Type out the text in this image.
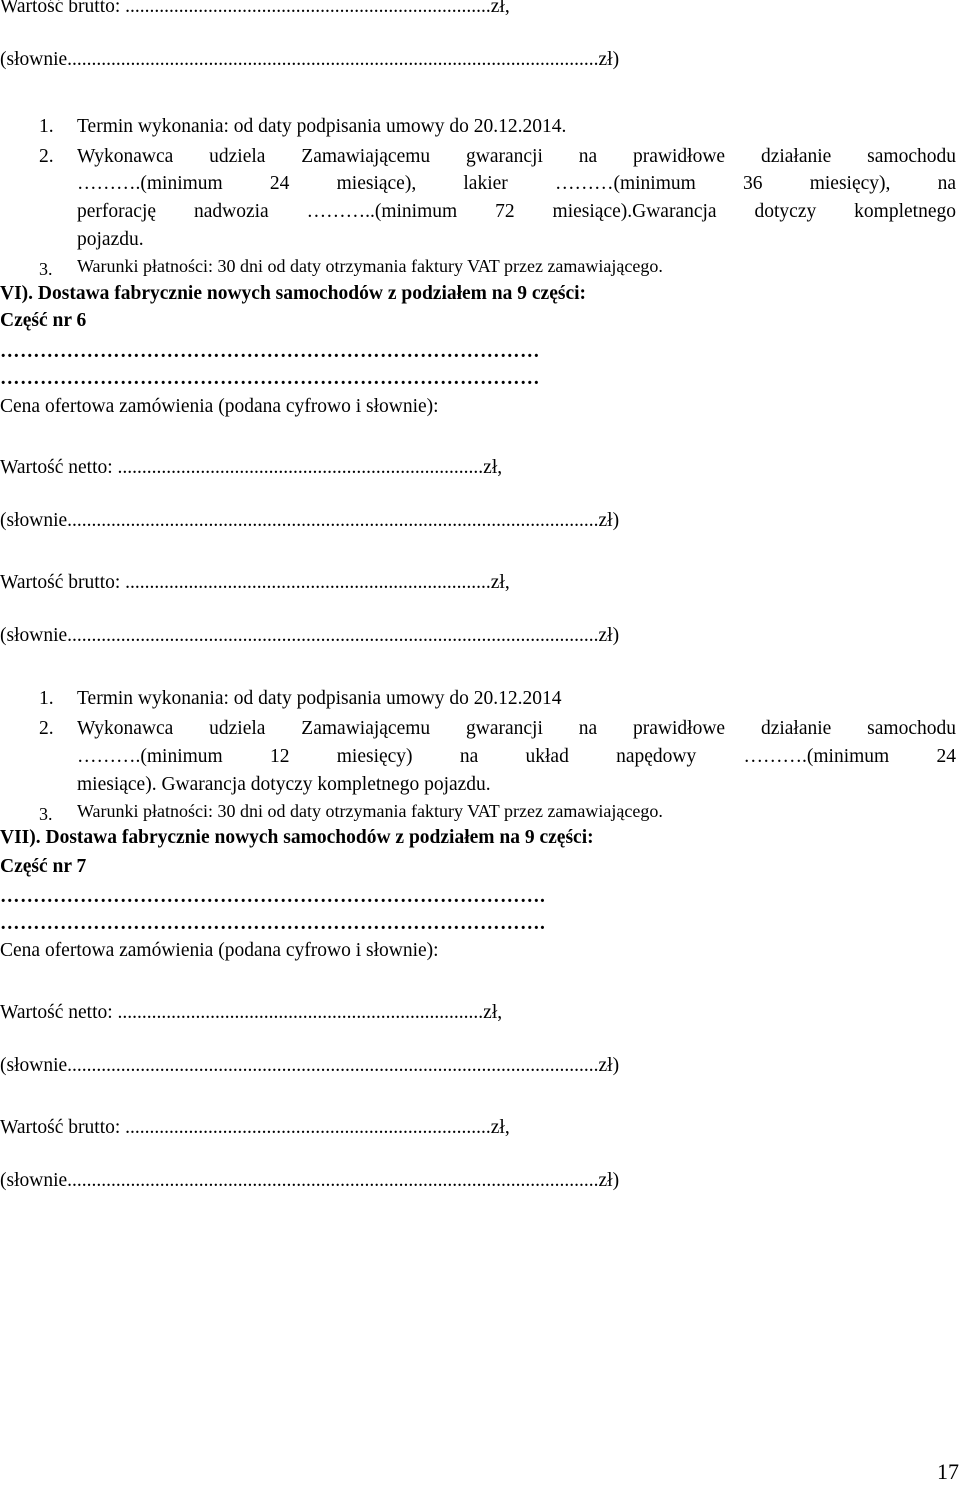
Wartość brutto: ...........................................................................zł,
(słownie.............................................................................................................zł)
1. Termin wykonania: od daty podpisania umowy do 20.12.2014.
2. Wykonawca udziela Zamawiającemu gwarancji na prawidłowe działanie samochodu
……….(minimum 24 miesiące), lakier ………(minimum 36 miesięcy), na
perforację nadwozia ………..(minimum 72 miesiące).Gwarancja dotyczy kompletnego
pojazdu.
3. Warunki płatności: 30 dni od daty otrzymania faktury VAT przez zamawiającego.
VI). Dostawa fabrycznie nowych samochodów z podziałem na 9 części:
Część nr 6
………………………………………………………………………
………………………………………………………………………
Cena ofertowa zamówienia (podana cyfrowo i słownie):
Wartość netto: ...........................................................................zł,
(słownie.............................................................................................................zł)
Wartość brutto: ...........................................................................zł,
(słownie.............................................................................................................zł)
1. Termin wykonania: od daty podpisania umowy do 20.12.2014
2. Wykonawca udziela Zamawiającemu gwarancji na prawidłowe działanie samochodu
……….(minimum 12 miesięcy) na układ napędowy ……….(minimum 24
miesiące). Gwarancja dotyczy kompletnego pojazdu.
3. Warunki płatności: 30 dni od daty otrzymania faktury VAT przez zamawiającego.
VII). Dostawa fabrycznie nowych samochodów z podziałem na 9 części:
Część nr 7
……………………………………………………………………….
……………………………………………………………………….
Cena ofertowa zamówienia (podana cyfrowo i słownie):
Wartość netto: ...........................................................................zł,
(słownie.............................................................................................................zł)
Wartość brutto: ...........................................................................zł,
(słownie.............................................................................................................zł)
17
